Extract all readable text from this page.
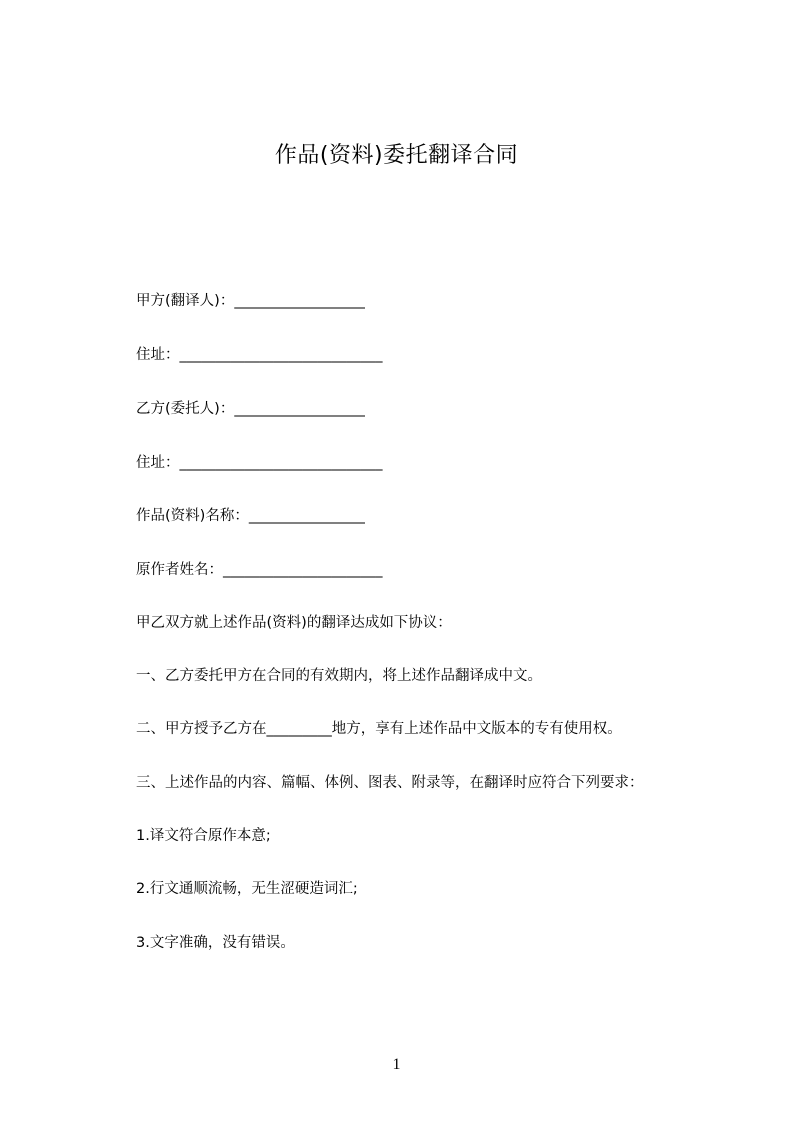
作品(资料)委托翻译合同
甲方(翻译人)：__________________
住址：____________________________
乙方(委托人)：__________________
住址：____________________________
作品(资料)名称：________________
原作者姓名：______________________
甲乙双方就上述作品(资料)的翻译达成如下协议：
一、乙方委托甲方在合同的有效期内，将上述作品翻译成中文。
二、甲方授予乙方在_________地方，享有上述作品中文版本的专有使用权。
三、上述作品的内容、篇幅、体例、图表、附录等，在翻译时应符合下列要求：
1.译文符合原作本意;
2.行文通顺流畅，无生涩硬造词汇;
3.文字准确，没有错误。
1
